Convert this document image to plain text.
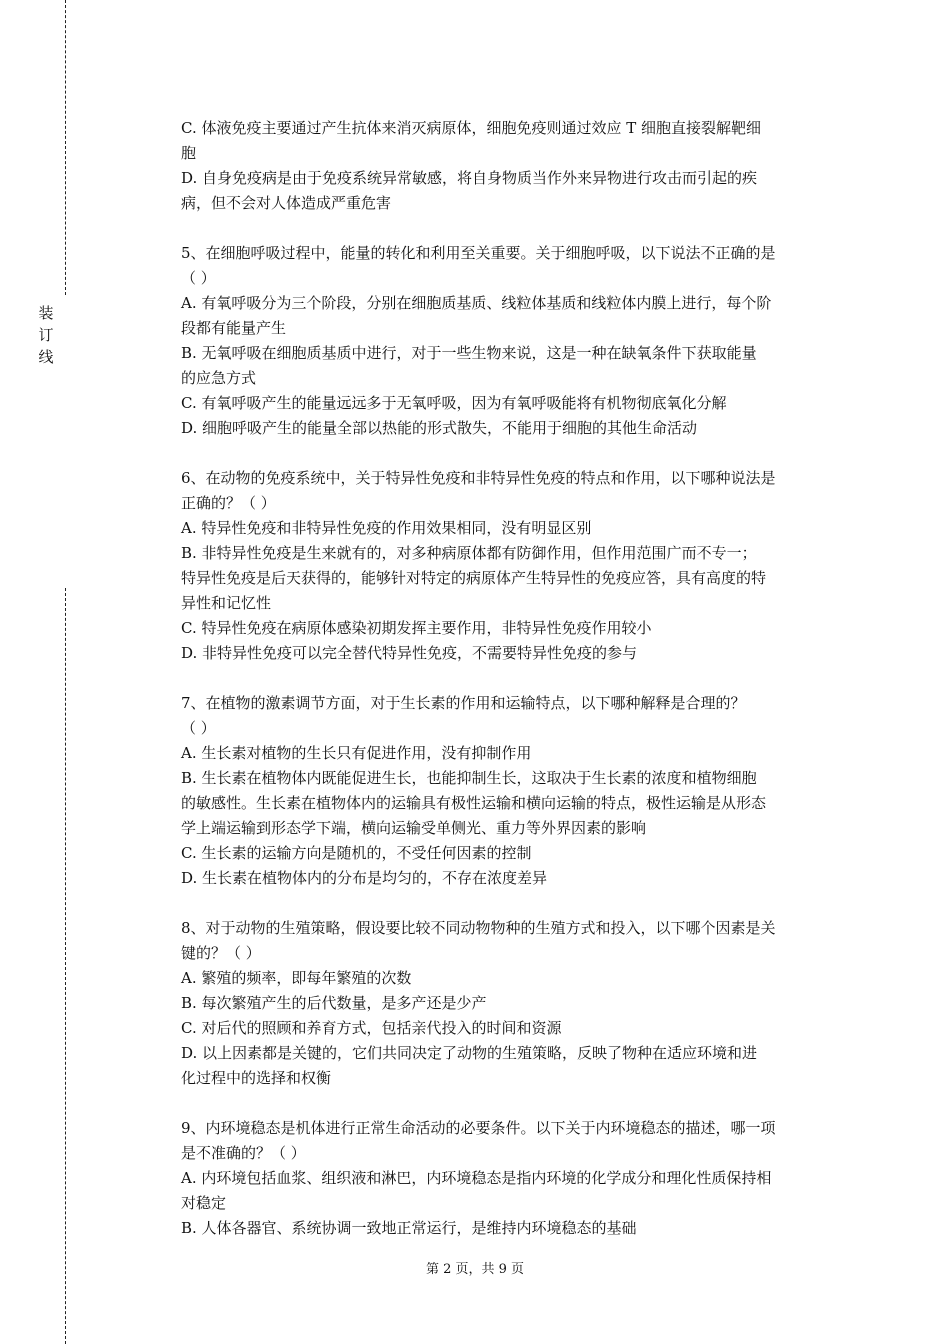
装
订
线
C. 体液免疫主要通过产生抗体来消灭病原体，细胞免疫则通过效应 T 细胞直接裂解靶细
胞
D. 自身免疫病是由于免疫系统异常敏感，将自身物质当作外来异物进行攻击而引起的疾
病，但不会对人体造成严重危害
5、在细胞呼吸过程中，能量的转化和利用至关重要。关于细胞呼吸，以下说法不正确的是
（ ）
A. 有氧呼吸分为三个阶段，分别在细胞质基质、线粒体基质和线粒体内膜上进行，每个阶
段都有能量产生
B. 无氧呼吸在细胞质基质中进行，对于一些生物来说，这是一种在缺氧条件下获取能量
的应急方式
C. 有氧呼吸产生的能量远远多于无氧呼吸，因为有氧呼吸能将有机物彻底氧化分解
D. 细胞呼吸产生的能量全部以热能的形式散失，不能用于细胞的其他生命活动
6、在动物的免疫系统中，关于特异性免疫和非特异性免疫的特点和作用，以下哪种说法是
正确的？（ ）
A. 特异性免疫和非特异性免疫的作用效果相同，没有明显区别
B. 非特异性免疫是生来就有的，对多种病原体都有防御作用，但作用范围广而不专一；
特异性免疫是后天获得的，能够针对特定的病原体产生特异性的免疫应答，具有高度的特
异性和记忆性
C. 特异性免疫在病原体感染初期发挥主要作用，非特异性免疫作用较小
D. 非特异性免疫可以完全替代特异性免疫，不需要特异性免疫的参与
7、在植物的激素调节方面，对于生长素的作用和运输特点，以下哪种解释是合理的？
（ ）
A. 生长素对植物的生长只有促进作用，没有抑制作用
B. 生长素在植物体内既能促进生长，也能抑制生长，这取决于生长素的浓度和植物细胞
的敏感性。生长素在植物体内的运输具有极性运输和横向运输的特点，极性运输是从形态
学上端运输到形态学下端，横向运输受单侧光、重力等外界因素的影响
C. 生长素的运输方向是随机的，不受任何因素的控制
D. 生长素在植物体内的分布是均匀的，不存在浓度差异
8、对于动物的生殖策略，假设要比较不同动物物种的生殖方式和投入，以下哪个因素是关
键的？（ ）
A. 繁殖的频率，即每年繁殖的次数
B. 每次繁殖产生的后代数量，是多产还是少产
C. 对后代的照顾和养育方式，包括亲代投入的时间和资源
D. 以上因素都是关键的，它们共同决定了动物的生殖策略，反映了物种在适应环境和进
化过程中的选择和权衡
9、内环境稳态是机体进行正常生命活动的必要条件。以下关于内环境稳态的描述，哪一项
是不准确的？（ ）
A. 内环境包括血浆、组织液和淋巴，内环境稳态是指内环境的化学成分和理化性质保持相
对稳定
B. 人体各器官、系统协调一致地正常运行，是维持内环境稳态的基础
第 2 页，共 9 页
